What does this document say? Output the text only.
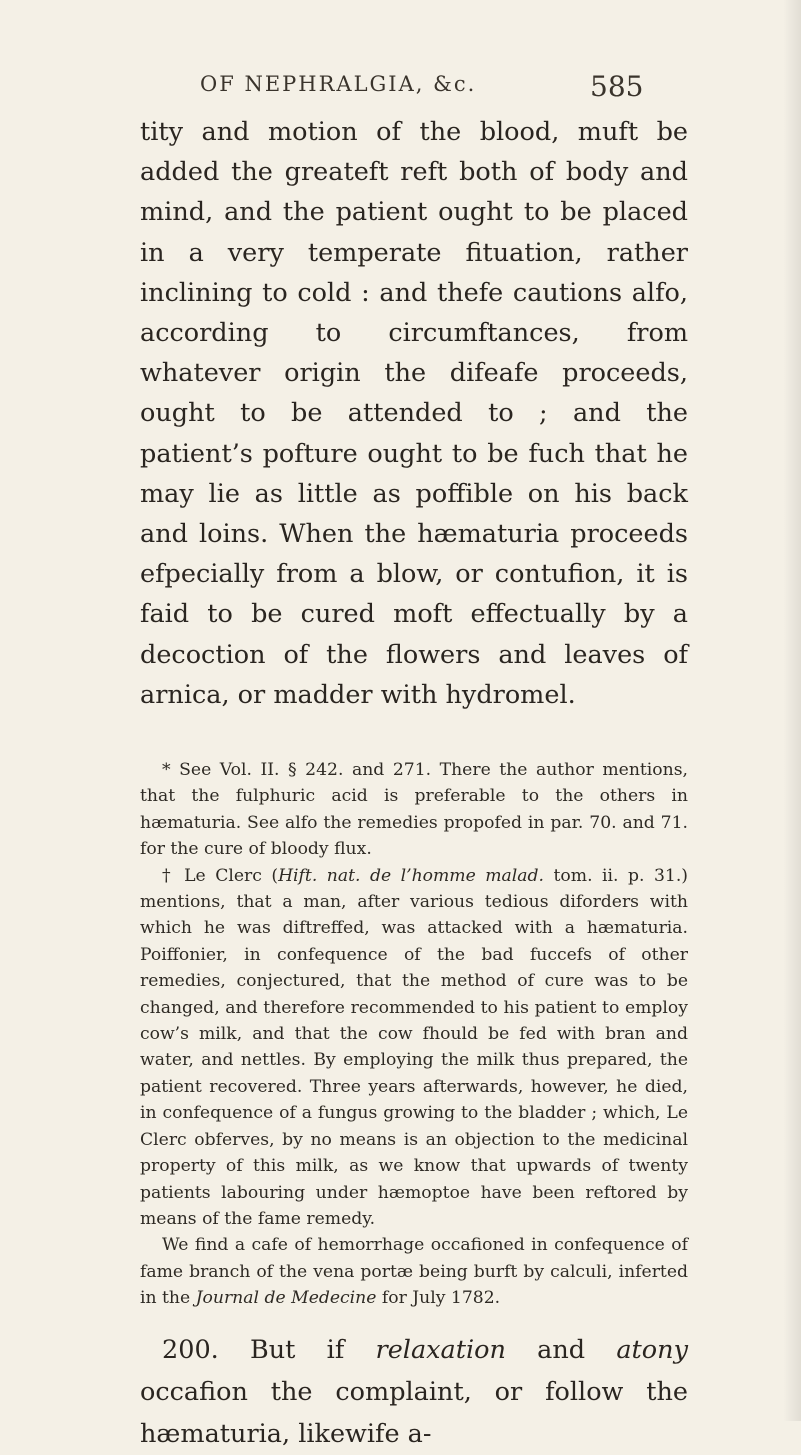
OF NEPHRALGIA, &c.	585

tity and motion of the blood, muft be added the greateft reft both of body and mind, and the patient ought to be placed in a very temperate fituation, rather inclining to cold : and thefe cautions alfo, according to circumftances, from whatever origin the difeafe proceeds, ought to be attended to ; and the patient’s pofture ought to be fuch that he may lie as little as poffible on his back and loins. When the hæmaturia proceeds efpecially from a blow, or contufion, it is faid to be cured moft effectually by a decoction of the flowers and leaves of arnica, or madder with hydromel.

* See Vol. II. § 242. and 271. There the author mentions, that the fulphuric acid is preferable to the others in hæmaturia. See alfo the remedies propofed in par. 70. and 71. for the cure of bloody flux.

† Le Clerc (Hift. nat. de l’homme malad. tom. ii. p. 31.) mentions, that a man, after various tedious diforders with which he was diftreffed, was attacked with a hæmaturia. Poiffonier, in confequence of the bad fuccefs of other remedies, conjectured, that the method of cure was to be changed, and therefore recommended to his patient to employ cow’s milk, and that the cow fhould be fed with bran and water, and nettles. By employing the milk thus prepared, the patient recovered. Three years afterwards, however, he died, in confequence of a fungus growing to the bladder ; which, Le Clerc obferves, by no means is an objection to the medicinal property of this milk, as we know that upwards of twenty patients labouring under hæmoptoe have been reftored by means of the fame remedy.

We find a cafe of hemorrhage occafioned in confequence of fame branch of the vena portæ being burft by calculi, inferted in the Journal de Medecine for July 1782.

200. But if relaxation and atony occafion the complaint, or follow the hæmaturia, likewife a-
